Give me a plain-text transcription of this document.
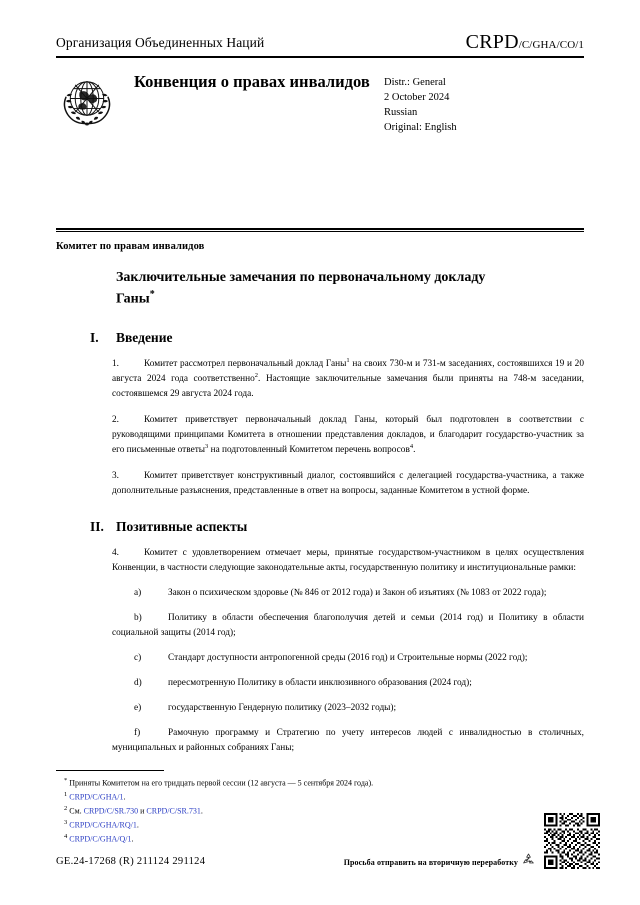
Организация Объединенных Наций	CRPD/C/GHA/CO/1
Конвенция о правах инвалидов	Distr.: General
2 October 2024
Russian
Original: English
Комитет по правам инвалидов
Заключительные замечания по первоначальному докладу Ганы*
I.	Введение

1.	Комитет рассмотрел первоначальный доклад Ганы$^1$ на своих 730-м и 731-м заседаниях, состоявшихся 19 и 20 августа 2024 года соответственно$^2$. Настоящие заключительные замечания были приняты на 748-м заседании, состоявшемся 29 августа 2024 года.

2.	Комитет приветствует первоначальный доклад Ганы, который был подготовлен в соответствии с руководящими принципами Комитета в отношении представления докладов, и благодарит государство-участник за его письменные ответы$^3$ на подготовленный Комитетом перечень вопросов$^4$.

3.	Комитет приветствует конструктивный диалог, состоявшийся с делегацией государства-участника, а также дополнительные разъяснения, представленные в ответ на вопросы, заданные Комитетом в устной форме.

II. Позитивные аспекты

4.	Комитет с удовлетворением отмечает меры, принятые государством-участником в целях осуществления Конвенции, в частности следующие законодательные акты, государственную политику и институциональные рамки:

a)	Закон о психическом здоровье (№ 846 от 2012 года) и Закон об изъятиях (№ 1083 от 2022 года);

b)	Политику в области обеспечения благополучия детей и семьи (2014 год) и Политику в области социальной защиты (2014 год);

c)	Стандарт доступности антропогенной среды (2016 год) и Строительные нормы (2022 год);

d)	пересмотренную Политику в области инклюзивного образования (2024 год);

e)	государственную Гендерную политику (2023–2032 годы);

f)	Рамочную программу и Стратегию по учету интересов людей с инвалидностью в столичных, муниципальных и районных собраниях Ганы;

* Приняты Комитетом на его тридцать первой сессии (12 августа — 5 сентября 2024 года).
$^1$ CRPD/C/GHA/1.
$^2$ См. CRPD/C/SR.730 и CRPD/C/SR.731.
$^3$ CRPD/C/GHA/RQ/1.
$^4$ CRPD/C/GHA/Q/1.
GE.24-17268 (R) 211124 291124	Просьба отправить на вторичную переработку
